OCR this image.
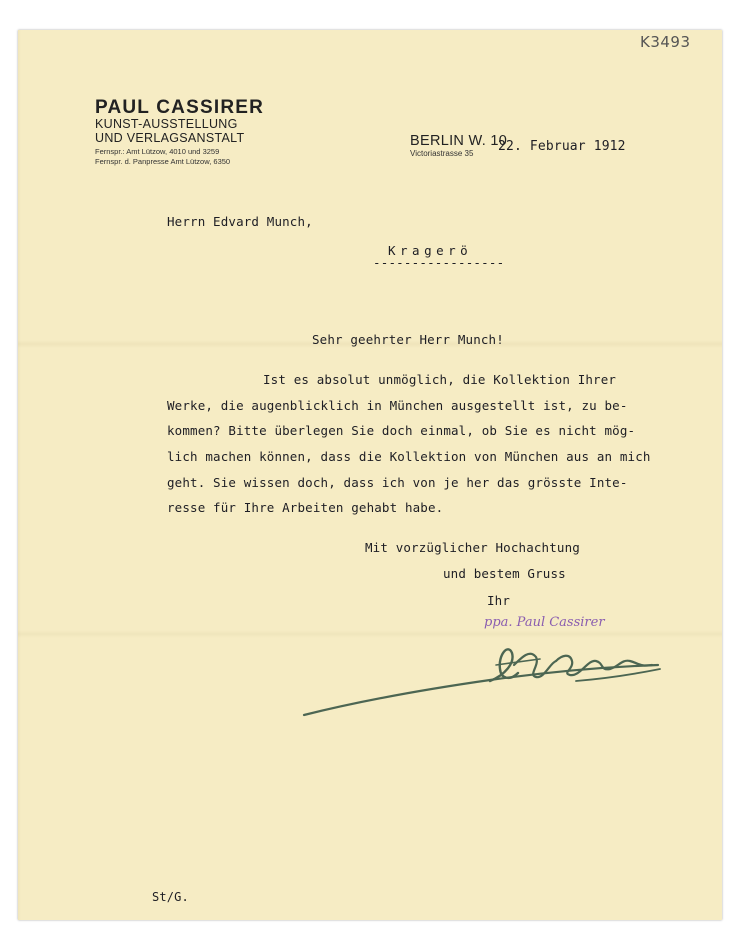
K3493
PAUL CASSIRER
KUNST-AUSSTELLUNG
UND VERLAGSANSTALT
Fernspr.: Amt Lützow, 4010 und 3259
Fernspr. d. Panpresse Amt Lützow, 6350
BERLIN W. 10
Victoriastrasse 35 22. Februar 1912
Herrn Edvard Munch,
Kragerö
-----------------
Sehr geehrter Herr Munch!
Ist es absolut unmöglich, die Kollektion Ihrer
Werke, die augenblicklich in München ausgestellt ist, zu be-
kommen? Bitte überlegen Sie doch einmal, ob Sie es nicht mög-
lich machen können, dass die Kollektion von München aus an mich
geht. Sie wissen doch, dass ich von je her das grösste Inte-
resse für Ihre Arbeiten gehabt habe.
Mit vorzüglicher Hochachtung
und bestem Gruss
Ihr
ppa. Paul Cassirer
St/G.
